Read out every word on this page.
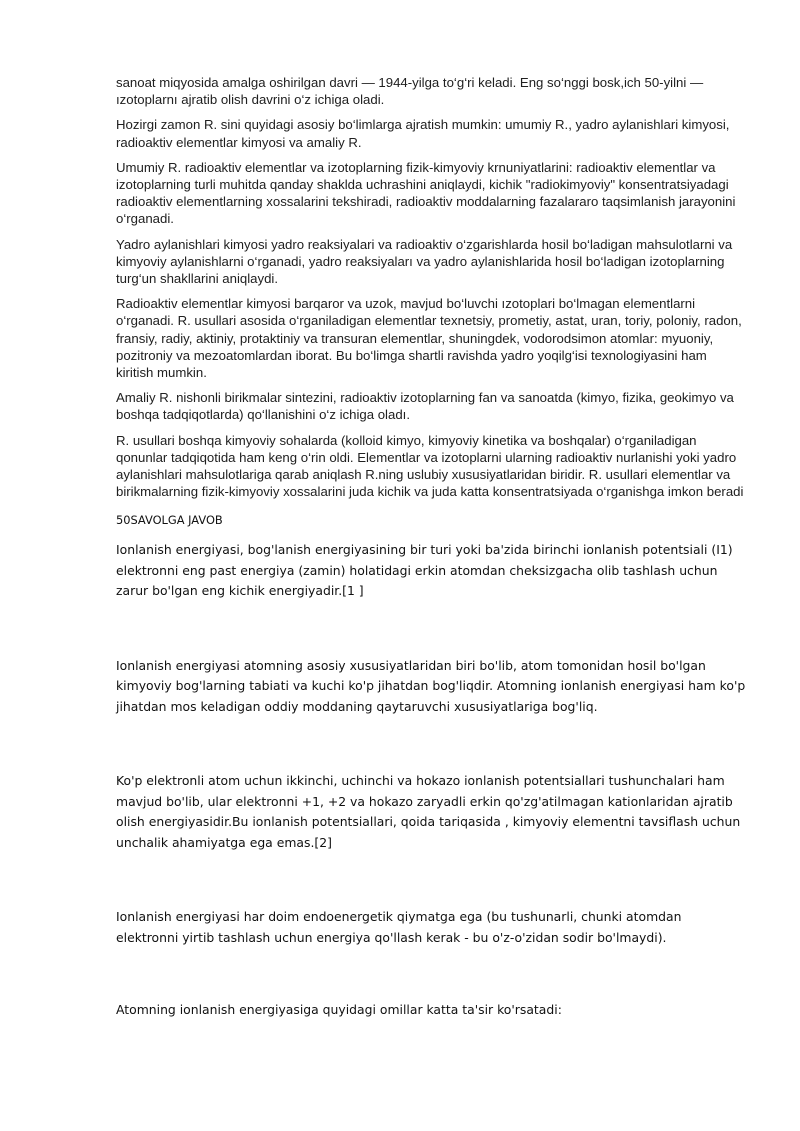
sanoat miqyosida amalga oshirilgan davri — 1944-yilga to‘g‘ri keladi. Eng so‘nggi bosk,ich 50-yilni — ızotoplarnı ajratib olish davrini o‘z ichiga oladi.

Hozirgi zamon R. sini quyidagi asosiy bo‘limlarga ajratish mumkin: umumiy R., yadro aylanishlari kimyosi, radioaktiv elementlar kimyosi va amaliy R.

Umumiy R. radioaktiv elementlar va izotoplarning fizik-kimyoviy krnuniyatlarini: radioaktiv elementlar va izotoplarning turli muhitda qanday shaklda uchrashini aniqlaydi, kichik "radiokimyoviy" konsentratsiyadagi radioaktiv elementlarning xossalarini tekshiradi, radioaktiv moddalarning fazalararo taqsimlanish jarayonini o‘rganadi.

Yadro aylanishlari kimyosi yadro reaksiyalari va radioaktiv o‘zgarishlarda hosil bo‘ladigan mahsulotlarni va kimyoviy aylanishlarni o‘rganadi, yadro reaksiyaları va yadro aylanishlarida hosil bo‘ladigan izotoplarning turg‘un shakllarini aniqlaydi.

Radioaktiv elementlar kimyosi barqaror va uzok, mavjud bo‘luvchi ızotoplari bo‘lmagan elementlarni o‘rganadi. R. usullari asosida o‘rganiladigan elementlar texnetsiy, prometiy, astat, uran, toriy, poloniy, radon, fransiy, radiy, aktiniy, protaktiniy va transuran elementlar, shuningdek, vodorodsimon atomlar: myuoniy, pozitroniy va mezoatomlardan iborat. Bu bo‘limga shartli ravishda yadro yoqilg‘isi texnologiyasini ham kiritish mumkin.

Amaliy R. nishonli birikmalar sintezini, radioaktiv izotoplarning fan va sanoatda (kimyo, fizika, geokimyo va boshqa tadqiqotlarda) qo‘llanishini o‘z ichiga oladı.

R. usullari boshqa kimyoviy sohalarda (kolloid kimyo, kimyoviy kinetika va boshqalar) o‘rganiladigan qonunlar tadqiqotida ham keng o‘rin oldi. Elementlar va izotoplarni ularning radioaktiv nurlanishi yoki yadro aylanishlari mahsulotlariga qarab aniqlash R.ning uslubiy xususiyatlaridan biridir. R. usullari elementlar va birikmalarning fizik-kimyoviy xossalarini juda kichik va juda katta konsentratsiyada o‘rganishga imkon beradi

50SAVOLGA JAVOB

Ionlanish energiyasi, bog'lanish energiyasining bir turi yoki ba'zida birinchi ionlanish potentsiali (I1) elektronni eng past energiya (zamin) holatidagi erkin atomdan cheksizgacha olib tashlash uchun zarur bo'lgan eng kichik energiyadir.[1 ]

Ionlanish energiyasi atomning asosiy xususiyatlaridan biri bo'lib, atom tomonidan hosil bo'lgan kimyoviy bog'larning tabiati va kuchi ko'p jihatdan bog'liqdir. Atomning ionlanish energiyasi ham ko'p jihatdan mos keladigan oddiy moddaning qaytaruvchi xususiyatlariga bog'liq.

Ko'p elektronli atom uchun ikkinchi, uchinchi va hokazo ionlanish potentsiallari tushunchalari ham mavjud bo'lib, ular elektronni +1, +2 va hokazo zaryadli erkin qo'zg'atilmagan kationlaridan ajratib olish energiyasidir.Bu ionlanish potentsiallari, qoida tariqasida , kimyoviy elementni tavsiflash uchun unchalik ahamiyatga ega emas.[2]

Ionlanish energiyasi har doim endoenergetik qiymatga ega (bu tushunarli, chunki atomdan elektronni yirtib tashlash uchun energiya qo'llash kerak - bu o'z-o'zidan sodir bo'lmaydi).

Atomning ionlanish energiyasiga quyidagi omillar katta ta'sir ko'rsatadi:
